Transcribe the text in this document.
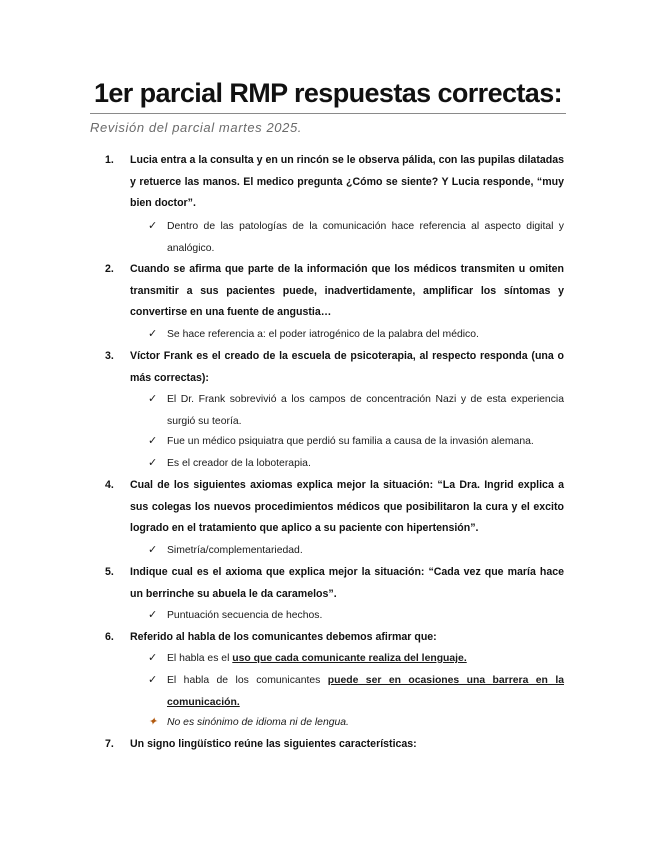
1er parcial RMP respuestas correctas:
Revisión del parcial martes 2025.
1. Lucia entra a la consulta y en un rincón se le observa pálida, con las pupilas dilatadas y retuerce las manos. El medico pregunta ¿Cómo se siente? Y Lucia responde, “muy bien doctor”.
✓ Dentro de las patologías de la comunicación hace referencia al aspecto digital y analógico.
2. Cuando se afirma que parte de la información que los médicos transmiten u omiten transmitir a sus pacientes puede, inadvertidamente, amplificar los síntomas y convertirse en una fuente de angustia…
✓ Se hace referencia a: el poder iatrogénico de la palabra del médico.
3. Víctor Frank es el creado de la escuela de psicoterapia, al respecto responda (una o más correctas):
✓ El Dr. Frank sobrevivió a los campos de concentración Nazi y de esta experiencia surgió su teoría.
✓ Fue un médico psiquiatra que perdió su familia a causa de la invasión alemana.
✓ Es el creador de la loboterapia.
4. Cual de los siguientes axiomas explica mejor la situación: “La Dra. Ingrid explica a sus colegas los nuevos procedimientos médicos que posibilitaron la cura y el excito logrado en el tratamiento que aplico a su paciente con hipertensión”.
✓ Simetría/complementariedad.
5. Indique cual es el axioma que explica mejor la situación: “Cada vez que maría hace un berrinche su abuela le da caramelos”.
✓ Puntuación secuencia de hechos.
6. Referido al habla de los comunicantes debemos afirmar que:
✓ El habla es el uso que cada comunicante realiza del lenguaje.
✓ El habla de los comunicantes puede ser en ocasiones una barrera en la comunicación.
✦ No es sinónimo de idioma ni de lengua.
7. Un signo lingüístico reúne las siguientes características:
